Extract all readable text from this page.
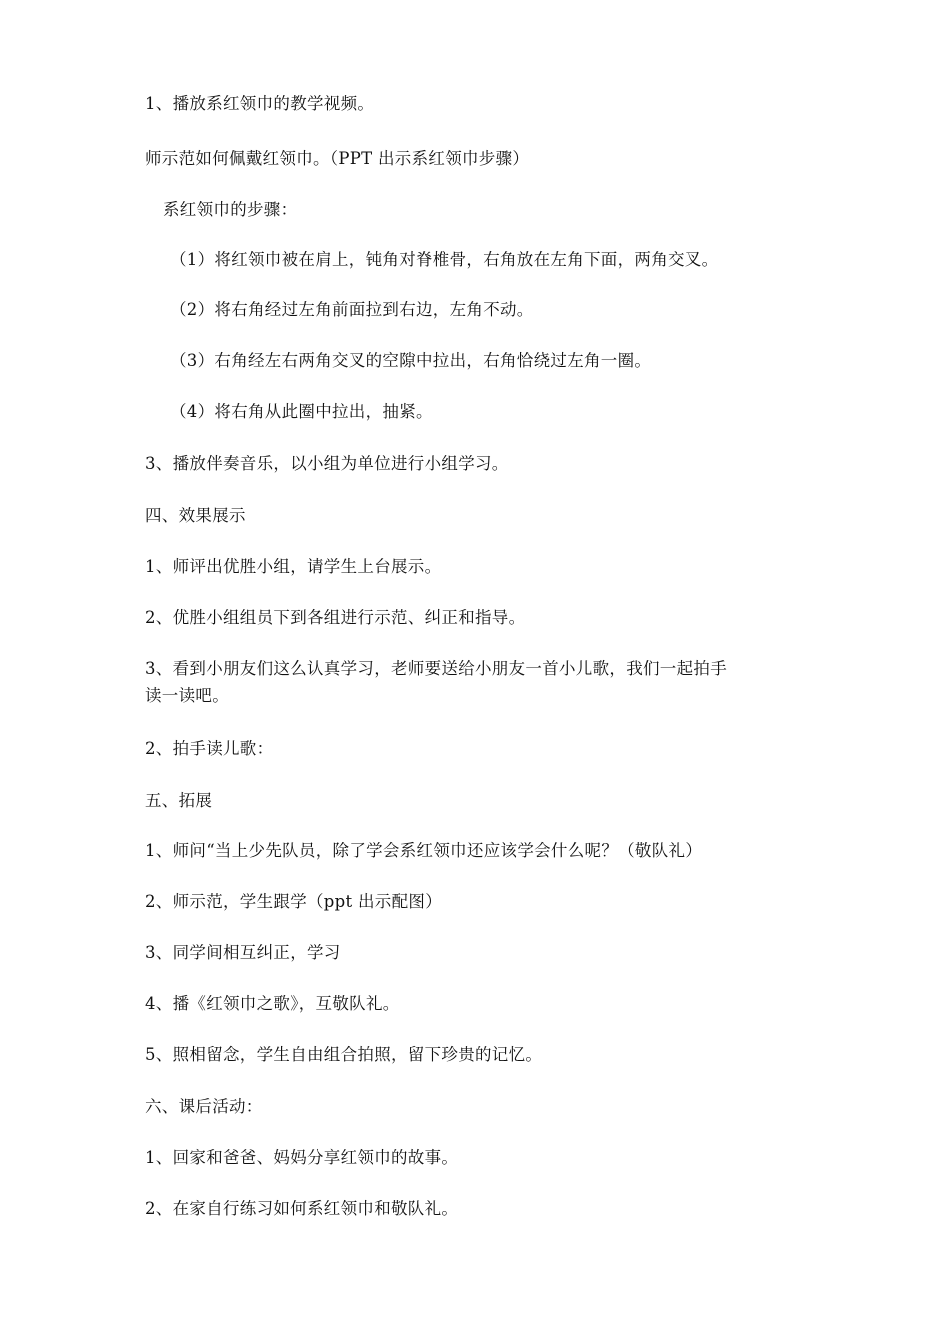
1、播放系红领巾的教学视频。
师示范如何佩戴红领巾。（PPT 出示系红领巾步骤）
系红领巾的步骤：
（1）将红领巾被在肩上，钝角对脊椎骨，右角放在左角下面，两角交叉。
（2）将右角经过左角前面拉到右边，左角不动。
（3）右角经左右两角交叉的空隙中拉出，右角恰绕过左角一圈。
（4）将右角从此圈中拉出，抽紧。
3、播放伴奏音乐，以小组为单位进行小组学习。
四、效果展示
1、师评出优胜小组，请学生上台展示。
2、优胜小组组员下到各组进行示范、纠正和指导。
3、看到小朋友们这么认真学习，老师要送给小朋友一首小儿歌，我们一起拍手
读一读吧。
2、拍手读儿歌：
五、拓展
1、师问“当上少先队员，除了学会系红领巾还应该学会什么呢？（敬队礼）
2、师示范，学生跟学（ppt 出示配图）
3、同学间相互纠正，学习
4、播《红领巾之歌》，互敬队礼。
5、照相留念，学生自由组合拍照，留下珍贵的记忆。
六、课后活动：
1、回家和爸爸、妈妈分享红领巾的故事。
2、在家自行练习如何系红领巾和敬队礼。
